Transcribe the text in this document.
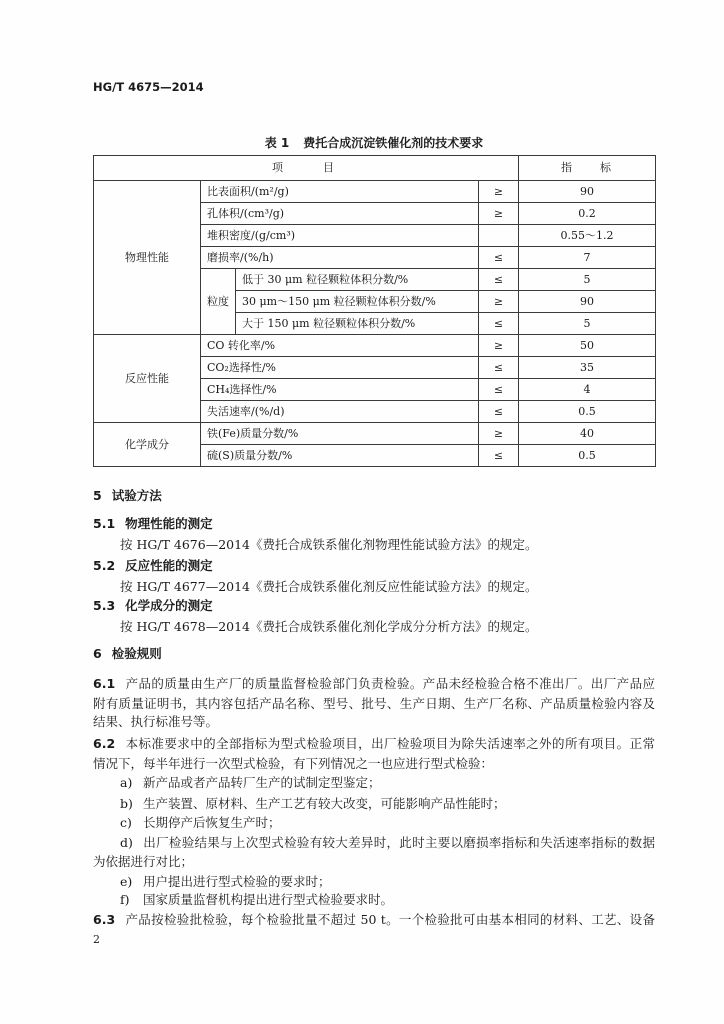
HG/T 4675—2014
表 1 费托合成沉淀铁催化剂的技术要求
项　　目				指　　标
物理性能	比表面积/(m²/g)		≥	90
	孔体积/(cm³/g)		≥	0.2
	堆积密度/(g/cm³)			0.55～1.2
	磨损率/(%/h)		≤	7
	粒度	低于 30 μm 粒径颗粒体积分数/%	≤	5
		30 μm～150 μm 粒径颗粒体积分数/%	≥	90
		大于 150 μm 粒径颗粒体积分数/%	≤	5
反应性能	CO 转化率/%		≥	50
	CO₂选择性/%		≤	35
	CH₄选择性/%		≤	4
	失活速率/(%/d)		≤	0.5
化学成分	铁(Fe)质量分数/%		≥	40
	硫(S)质量分数/%		≤	0.5
5 试验方法
5.1 物理性能的测定
按 HG/T 4676—2014《费托合成铁系催化剂物理性能试验方法》的规定。
5.2 反应性能的测定
按 HG/T 4677—2014《费托合成铁系催化剂反应性能试验方法》的规定。
5.3 化学成分的测定
按 HG/T 4678—2014《费托合成铁系催化剂化学成分分析方法》的规定。
6 检验规则
6.1 产品的质量由生产厂的质量监督检验部门负责检验。产品未经检验合格不准出厂。出厂产品应
附有质量证明书，其内容包括产品名称、型号、批号、生产日期、生产厂名称、产品质量检验内容及
结果、执行标准号等。
6.2 本标准要求中的全部指标为型式检验项目，出厂检验项目为除失活速率之外的所有项目。正常
情况下，每半年进行一次型式检验，有下列情况之一也应进行型式检验：
a) 新产品或者产品转厂生产的试制定型鉴定；
b) 生产装置、原材料、生产工艺有较大改变，可能影响产品性能时；
c) 长期停产后恢复生产时；
d) 出厂检验结果与上次型式检验有较大差异时，此时主要以磨损率指标和失活速率指标的数据
为依据进行对比；
e) 用户提出进行型式检验的要求时；
f) 国家质量监督机构提出进行型式检验要求时。
6.3 产品按检验批检验，每个检验批量不超过 50 t。一个检验批可由基本相同的材料、工艺、设备
2
